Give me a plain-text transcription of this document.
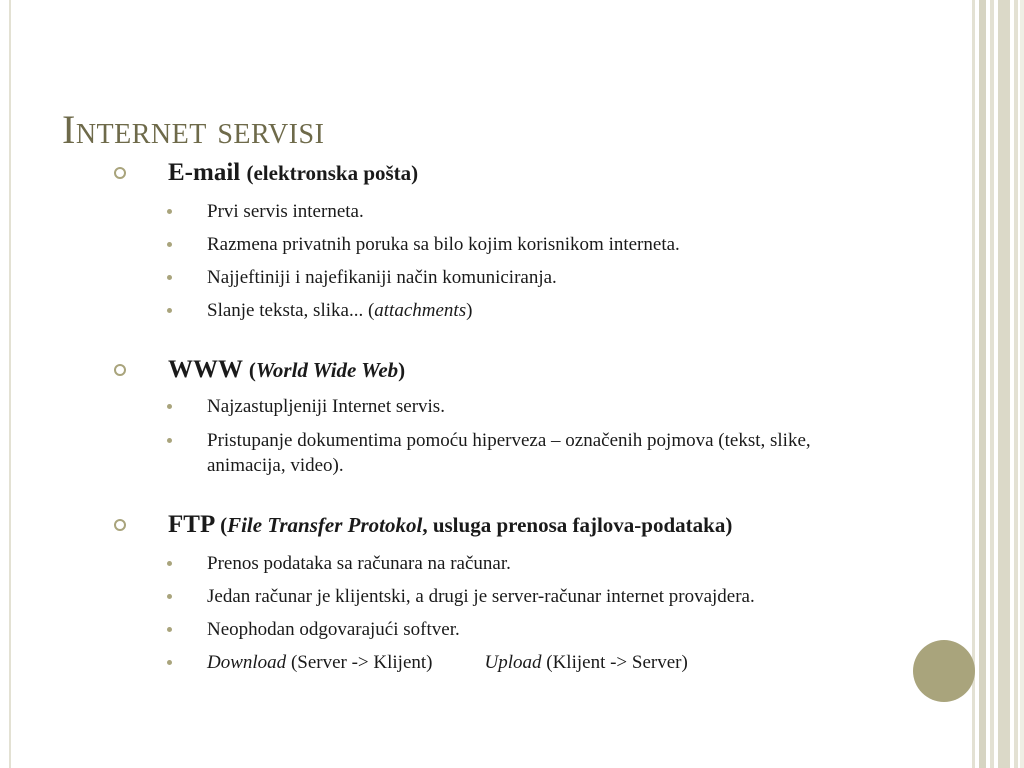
Internet servisi
E-mail (elektronska pošta)
Prvi servis interneta.
Razmena privatnih poruka sa bilo kojim korisnikom interneta.
Najjeftiniji i najefikaniji način komuniciranja.
Slanje teksta, slika... (attachments)
WWW (World Wide Web)
Najzastupljeniji Internet servis.
Pristupanje dokumentima pomoću hiperveza – označenih pojmova (tekst, slike,
animacija, video).
FTP (File Transfer Protokol, usluga prenosa fajlova-podataka)
Prenos podataka sa računara na računar.
Jedan računar je klijentski, a drugi je server-računar internet provajdera.
Neophodan odgovarajući softver.
Download (Server -> Klijent)	Upload (Klijent -> Server)
